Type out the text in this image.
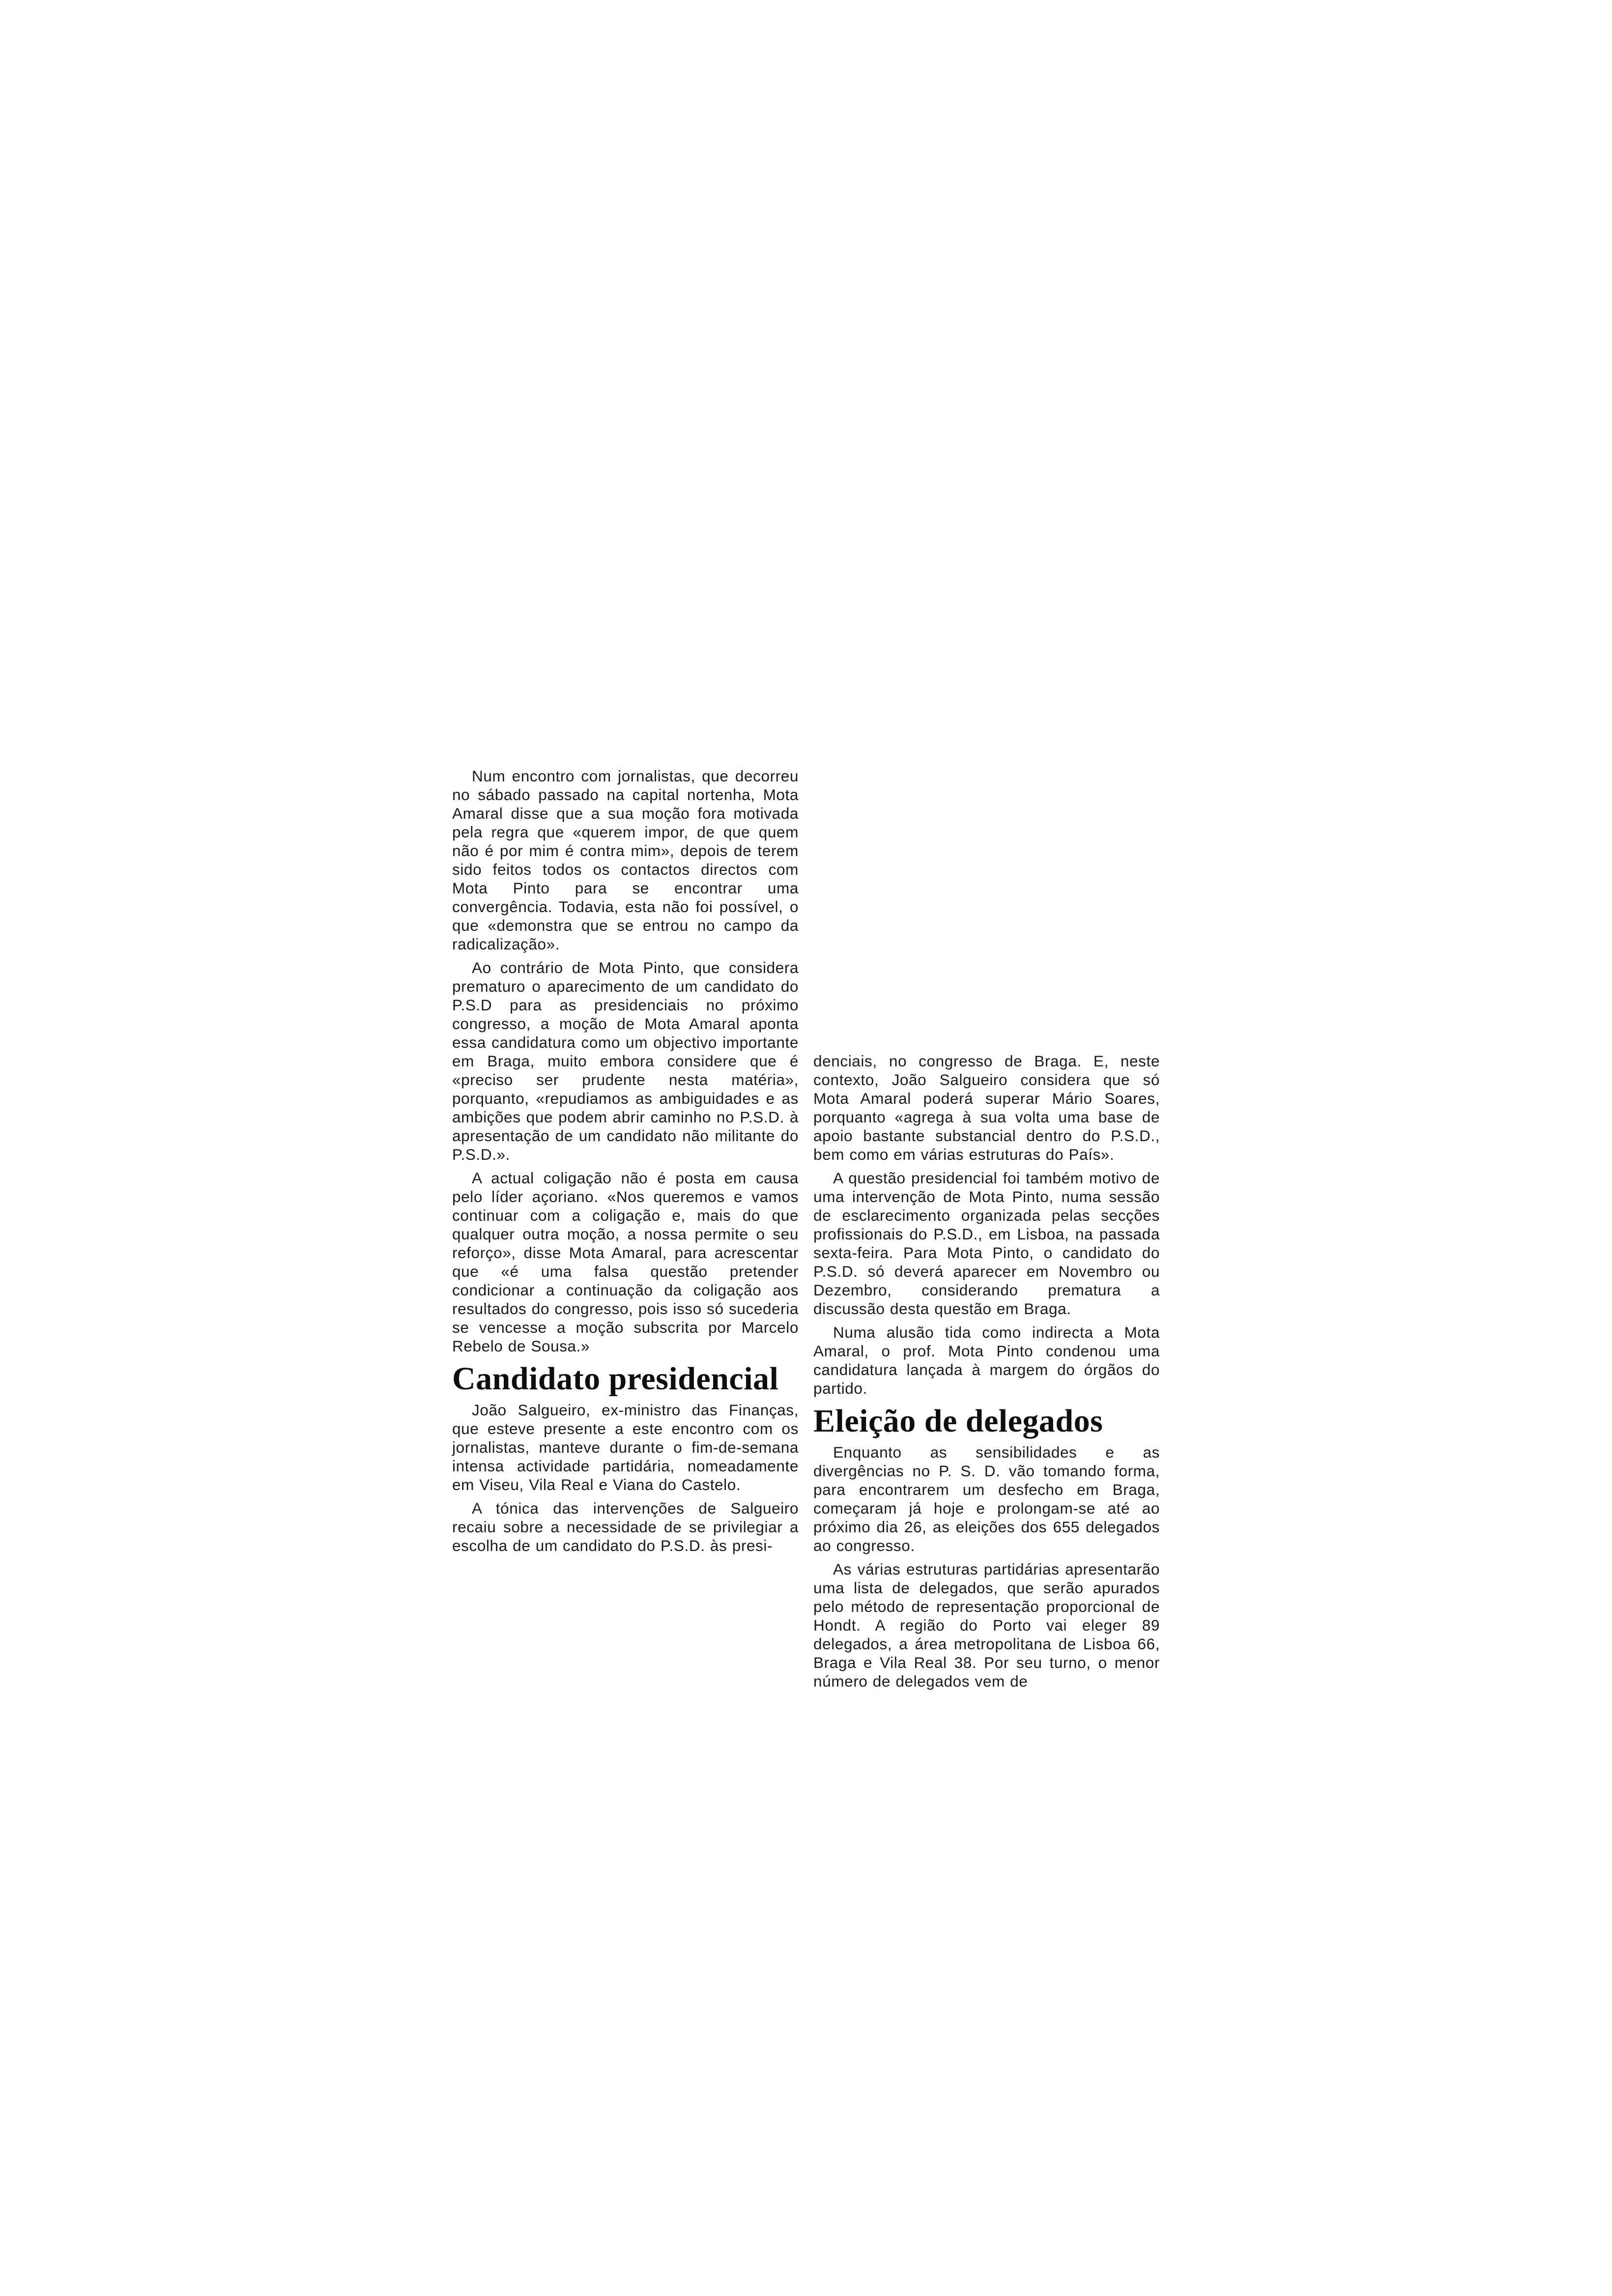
Num encontro com jornalistas, que decorreu no sábado passado na capital nortenha, Mota Amaral disse que a sua moção fora motivada pela regra que «querem impor, de que quem não é por mim é contra mim», depois de terem sido feitos todos os contactos directos com Mota Pinto para se encontrar uma convergência. Todavia, esta não foi possível, o que «demonstra que se entrou no campo da radicalização».

Ao contrário de Mota Pinto, que considera prematuro o aparecimento de um candidato do P.S.D para as presidenciais no próximo congresso, a moção de Mota Amaral aponta essa candidatura como um objectivo importante em Braga, muito embora considere que é «preciso ser prudente nesta matéria», porquanto, «repudiamos as ambiguidades e as ambições que podem abrir caminho no P.S.D. à apresentação de um candidato não militante do P.S.D.».

A actual coligação não é posta em causa pelo líder açoriano. «Nos queremos e vamos continuar com a coligação e, mais do que qualquer outra moção, a nossa permite o seu reforço», disse Mota Amaral, para acrescentar que «é uma falsa questão pretender condicionar a continuação da coligação aos resultados do congresso, pois isso só sucederia se vencesse a moção subscrita por Marcelo Rebelo de Sousa.»

Candidato presidencial

João Salgueiro, ex-ministro das Finanças, que esteve presente a este encontro com os jornalistas, manteve durante o fim-de-semana intensa actividade partidária, nomeadamente em Viseu, Vila Real e Viana do Castelo.

A tónica das intervenções de Salgueiro recaiu sobre a necessidade de se privilegiar a escolha de um candidato do P.S.D. às presi-

denciais, no congresso de Braga. E, neste contexto, João Salgueiro considera que só Mota Amaral poderá superar Mário Soares, porquanto «agrega à sua volta uma base de apoio bastante substancial dentro do P.S.D., bem como em várias estruturas do País».

A questão presidencial foi também motivo de uma intervenção de Mota Pinto, numa sessão de esclarecimento organizada pelas secções profissionais do P.S.D., em Lisboa, na passada sexta-feira. Para Mota Pinto, o candidato do P.S.D. só deverá aparecer em Novembro ou Dezembro, considerando prematura a discussão desta questão em Braga.

Numa alusão tida como indirecta a Mota Amaral, o prof. Mota Pinto condenou uma candidatura lançada à margem do órgãos do partido.

Eleição de delegados

Enquanto as sensibilidades e as divergências no P. S. D. vão tomando forma, para encontrarem um desfecho em Braga, começaram já hoje e prolongam-se até ao próximo dia 26, as eleições dos 655 delegados ao congresso.

As várias estruturas partidárias apresentarão uma lista de delegados, que serão apurados pelo método de representação proporcional de Hondt. A região do Porto vai eleger 89 delegados, a área metropolitana de Lisboa 66, Braga e Vila Real 38. Por seu turno, o menor número de delegados vem de
